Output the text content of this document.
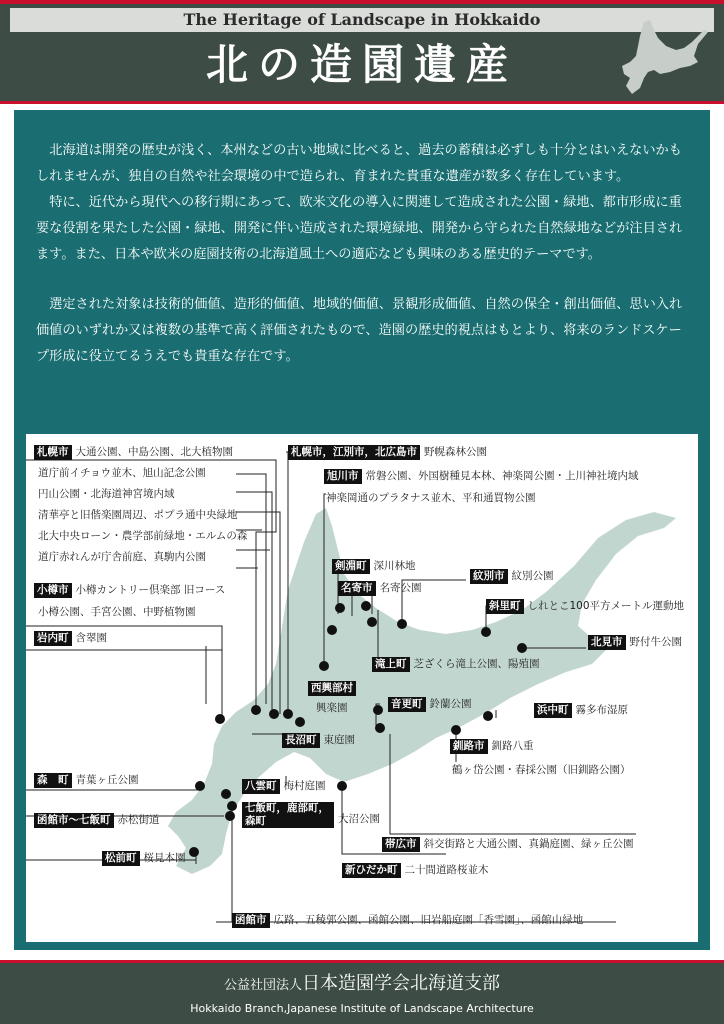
The Heritage of Landscape in Hokkaido
北の造園遺産

北海道は開発の歴史が浅く、本州などの古い地域に比べると、過去の蓄積は必ずしも十分とはいえないかもしれませんが、独自の自然や社会環境の中で造られ、育まれた貴重な遺産が数多く存在しています。

特に、近代から現代への移行期にあって、欧米文化の導入に関連して造成された公園・緑地、都市形成に重要な役割を果たした公園・緑地、開発に伴い造成された環境緑地、開発から守られた自然緑地などが注目されます。また、日本や欧米の庭園技術の北海道風土への適応なども興味のある歴史的テーマです。

選定された対象は技術的価値、造形的価値、地域的価値、景観形成価値、自然の保全・創出価値、思い入れ価値のいずれか又は複数の基準で高く評価されたもので、造園の歴史的視点はもとより、将来のランドスケープ形成に役立てるうえでも貴重な存在です。

札幌市 大通公園、中島公園、北大植物園
道庁前イチョウ並木、旭山記念公園
円山公園・北海道神宮境内域
清華亭と旧偕楽園周辺、ポプラ通中央緑地
北大中央ローン・農学部前緑地・エルムの森
道庁赤れんが庁舎前庭、真駒内公園
小樽市 小樽カントリー倶楽部 旧コース
小樽公園、手宮公園、中野植物園
岩内町 含翠園
森　町 青葉ヶ丘公園
函館市〜七飯町 赤松街道
松前町 桜見本園
函館市 広路、五稜郭公園、函館公園、旧岩船庭園「香雪園」、函館山緑地
八雲町 梅村庭園
七飯町，鹿部町，森町	大沼公園
長沼町 東庭園
札幌市，江別市，北広島市 野幌森林公園
旭川市 常磐公園、外国樹種見本林、神楽岡公園・上川神社境内域
神楽岡通のプラタナス並木、平和通買物公園
剣淵町 深川林地
名寄市 名寄公園
紋別市 紋別公園
斜里町 しれとこ100平方メートル運動地
北見市 野付牛公園
滝上町 芝ざくら滝上公園、陽殖園
西興部村
興楽園	音更町 鈴蘭公園	浜中町 霧多布湿原
釧路市 釧路八重
鶴ヶ岱公園・春採公園（旧釧路公園）
帯広市 斜交街路と大通公園、真鍋庭園、緑ヶ丘公園
新ひだか町 二十間道路桜並木
公益社団法人日本造園学会北海道支部
Hokkaido Branch,Japanese Institute of Landscape Architecture
